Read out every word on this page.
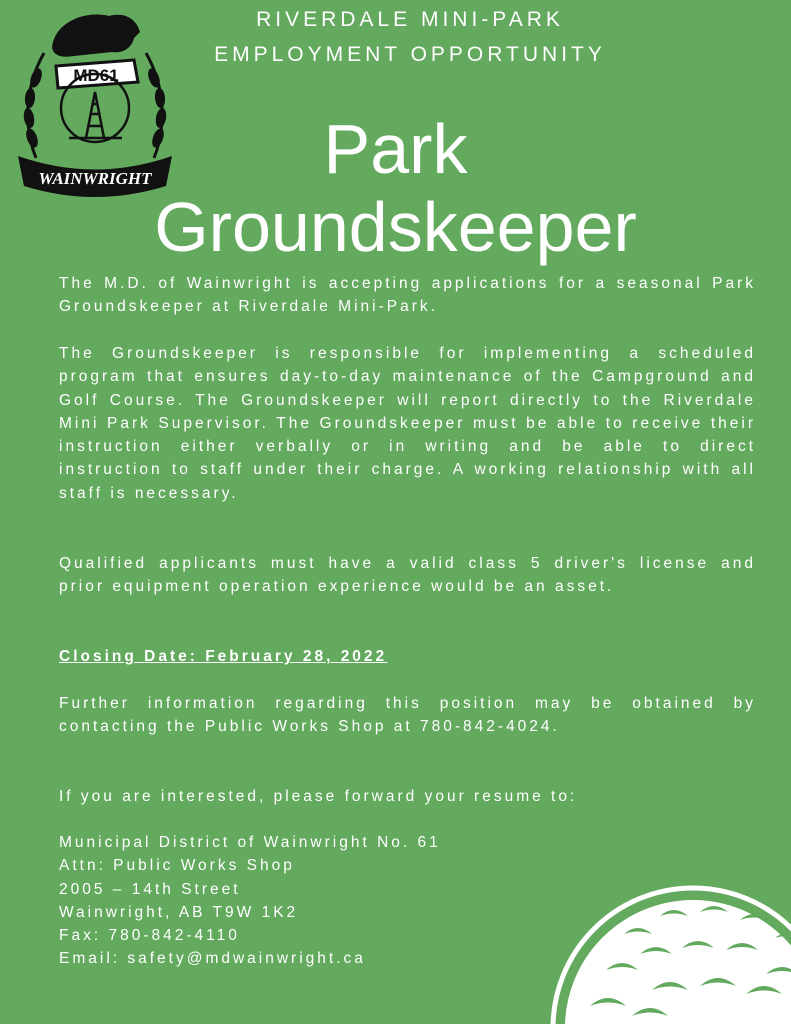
MD61
WAINWRIGHT
RIVERDALE MINI-PARK
EMPLOYMENT OPPORTUNITY
Park
Groundskeeper
The M.D. of Wainwright is accepting applications for a seasonal Park Groundskeeper at Riverdale Mini-Park.
The Groundskeeper is responsible for implementing a scheduled program that ensures day-to-day maintenance of the Campground and Golf Course. The Groundskeeper will report directly to the Riverdale Mini Park Supervisor. The Groundskeeper must be able to receive their instruction either verbally or in writing and be able to direct instruction to staff under their charge. A working relationship with all staff is necessary.
Qualified applicants must have a valid class 5 driver's license and prior equipment operation experience would be an asset.
Closing Date: February 28, 2022
Further information regarding this position may be obtained by contacting the Public Works Shop at 780-842-4024.
If you are interested, please forward your resume to:
Municipal District of Wainwright No. 61
Attn: Public Works Shop
2005 – 14th Street
Wainwright, AB T9W 1K2
Fax: 780-842-4110
Email: safety@mdwainwright.ca
